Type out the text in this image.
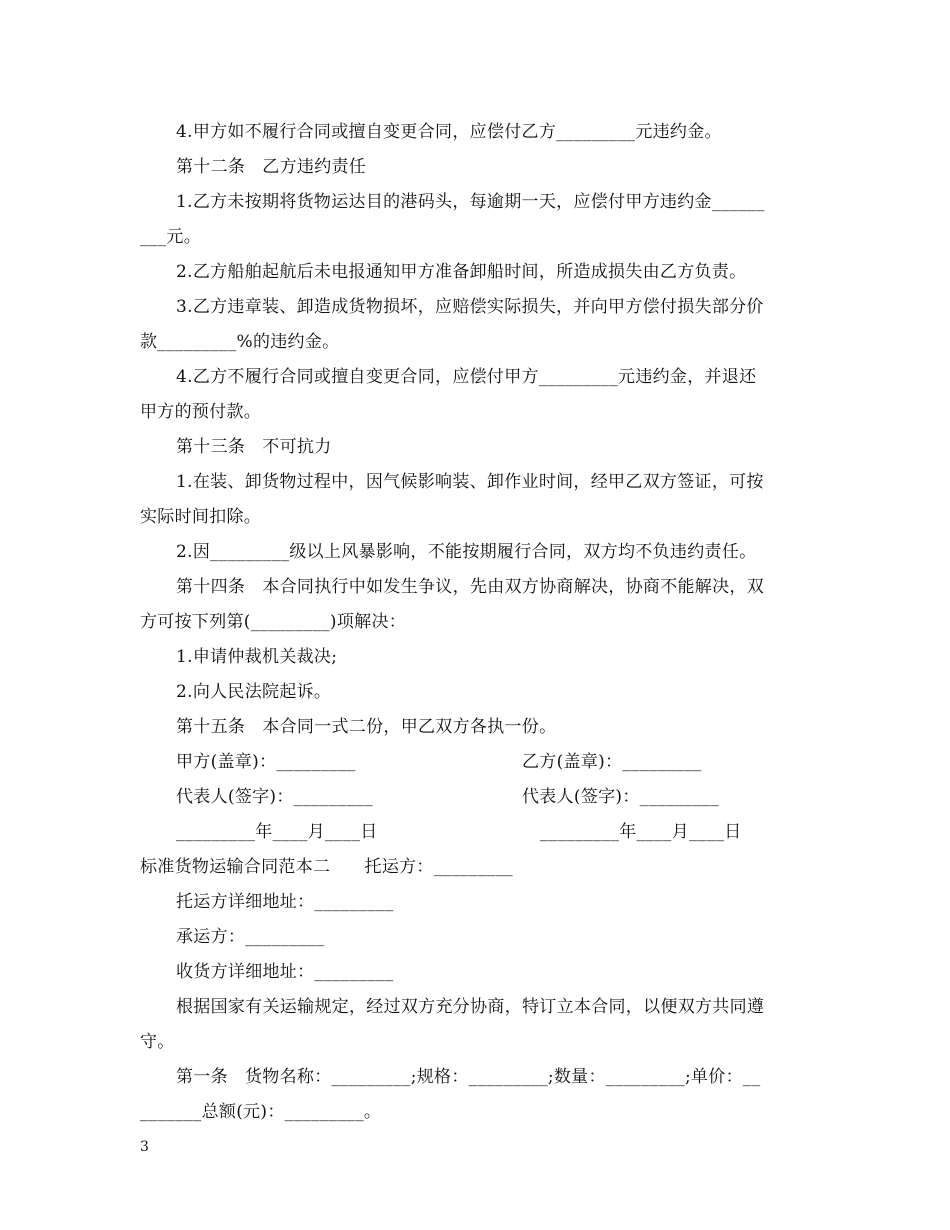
4.甲方如不履行合同或擅自变更合同，应偿付乙方_________元违约金。
第十二条   乙方违约责任
1.乙方未按期将货物运达目的港码头，每逾期一天，应偿付甲方违约金______
___元。
2.乙方船舶起航后未电报通知甲方准备卸船时间，所造成损失由乙方负责。
3.乙方违章装、卸造成货物损坏，应赔偿实际损失，并向甲方偿付损失部分价
款_________%的违约金。
4.乙方不履行合同或擅自变更合同，应偿付甲方_________元违约金，并退还
甲方的预付款。
第十三条   不可抗力
1.在装、卸货物过程中，因气候影响装、卸作业时间，经甲乙双方签证，可按
实际时间扣除。
2.因_________级以上风暴影响，不能按期履行合同，双方均不负违约责任。
第十四条   本合同执行中如发生争议，先由双方协商解决，协商不能解决，双
方可按下列第(_________)项解决：
1.申请仲裁机关裁决;
2.向人民法院起诉。
第十五条   本合同一式二份，甲乙双方各执一份。
甲方(盖章)：_________	乙方(盖章)：_________
代表人(签字)：_________	代表人(签字)：_________
_________年____月____日	_________年____月____日
标准货物运输合同范本二      托运方：_________
托运方详细地址：_________
承运方：_________
收货方详细地址：_________
根据国家有关运输规定，经过双方充分协商，特订立本合同，以便双方共同遵
守。
第一条   货物名称：_________;规格：_________;数量：_________;单价：__
_______总额(元)：_________。
3
